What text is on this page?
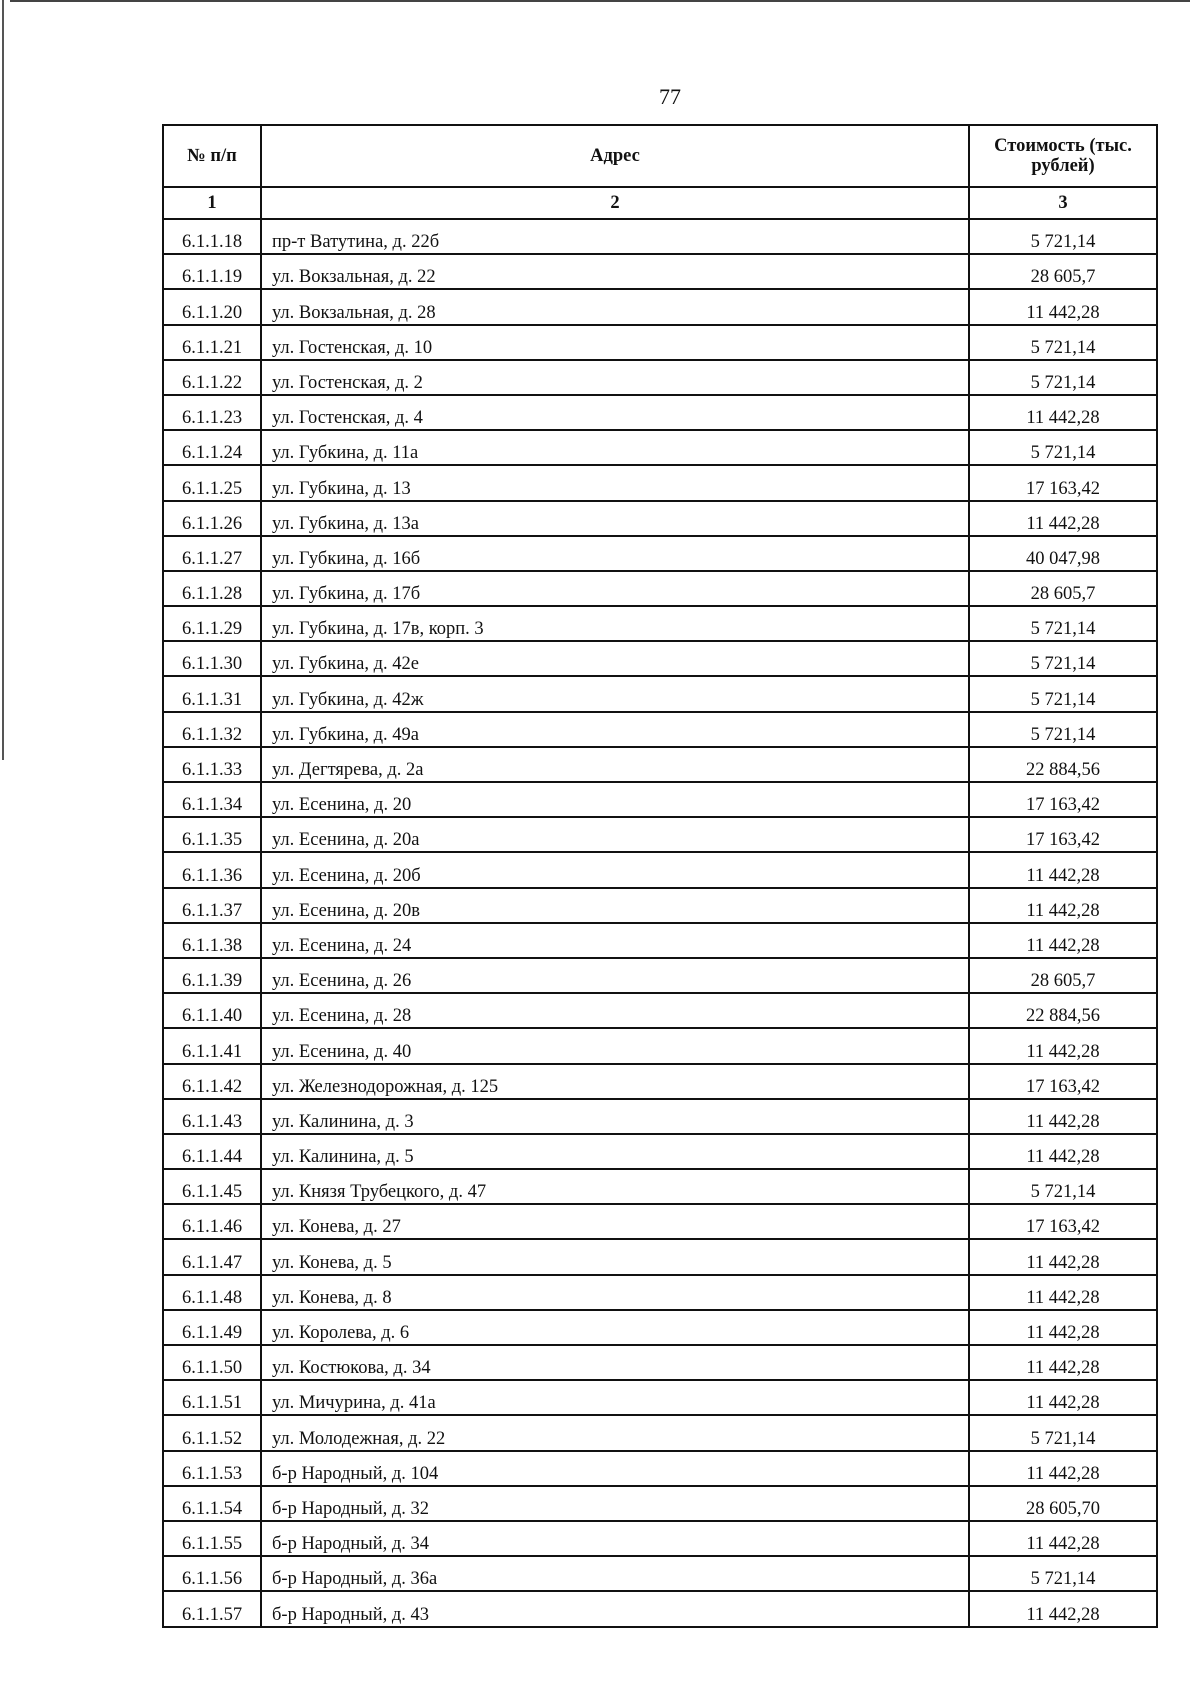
77
№ п/п	Адрес	Стоимость (тыс. рублей)
1	2	3
6.1.1.18	пр-т Ватутина, д. 22б	5 721,14
6.1.1.19	ул. Вокзальная, д. 22	28 605,7
6.1.1.20	ул. Вокзальная, д. 28	11 442,28
6.1.1.21	ул. Гостенская, д. 10	5 721,14
6.1.1.22	ул. Гостенская, д. 2	5 721,14
6.1.1.23	ул. Гостенская, д. 4	11 442,28
6.1.1.24	ул. Губкина, д. 11а	5 721,14
6.1.1.25	ул. Губкина, д. 13	17 163,42
6.1.1.26	ул. Губкина, д. 13а	11 442,28
6.1.1.27	ул. Губкина, д. 16б	40 047,98
6.1.1.28	ул. Губкина, д. 17б	28 605,7
6.1.1.29	ул. Губкина, д. 17в, корп. 3	5 721,14
6.1.1.30	ул. Губкина, д. 42е	5 721,14
6.1.1.31	ул. Губкина, д. 42ж	5 721,14
6.1.1.32	ул. Губкина, д. 49а	5 721,14
6.1.1.33	ул. Дегтярева, д. 2а	22 884,56
6.1.1.34	ул. Есенина, д. 20	17 163,42
6.1.1.35	ул. Есенина, д. 20а	17 163,42
6.1.1.36	ул. Есенина, д. 20б	11 442,28
6.1.1.37	ул. Есенина, д. 20в	11 442,28
6.1.1.38	ул. Есенина, д. 24	11 442,28
6.1.1.39	ул. Есенина, д. 26	28 605,7
6.1.1.40	ул. Есенина, д. 28	22 884,56
6.1.1.41	ул. Есенина, д. 40	11 442,28
6.1.1.42	ул. Железнодорожная, д. 125	17 163,42
6.1.1.43	ул. Калинина, д. 3	11 442,28
6.1.1.44	ул. Калинина, д. 5	11 442,28
6.1.1.45	ул. Князя Трубецкого, д. 47	5 721,14
6.1.1.46	ул. Конева, д. 27	17 163,42
6.1.1.47	ул. Конева, д. 5	11 442,28
6.1.1.48	ул. Конева, д. 8	11 442,28
6.1.1.49	ул. Королева, д. 6	11 442,28
6.1.1.50	ул. Костюкова, д. 34	11 442,28
6.1.1.51	ул. Мичурина, д. 41а	11 442,28
6.1.1.52	ул. Молодежная, д. 22	5 721,14
6.1.1.53	б-р Народный, д. 104	11 442,28
6.1.1.54	б-р Народный, д. 32	28 605,70
6.1.1.55	б-р Народный, д. 34	11 442,28
6.1.1.56	б-р Народный, д. 36а	5 721,14
6.1.1.57	б-р Народный, д. 43	11 442,28
